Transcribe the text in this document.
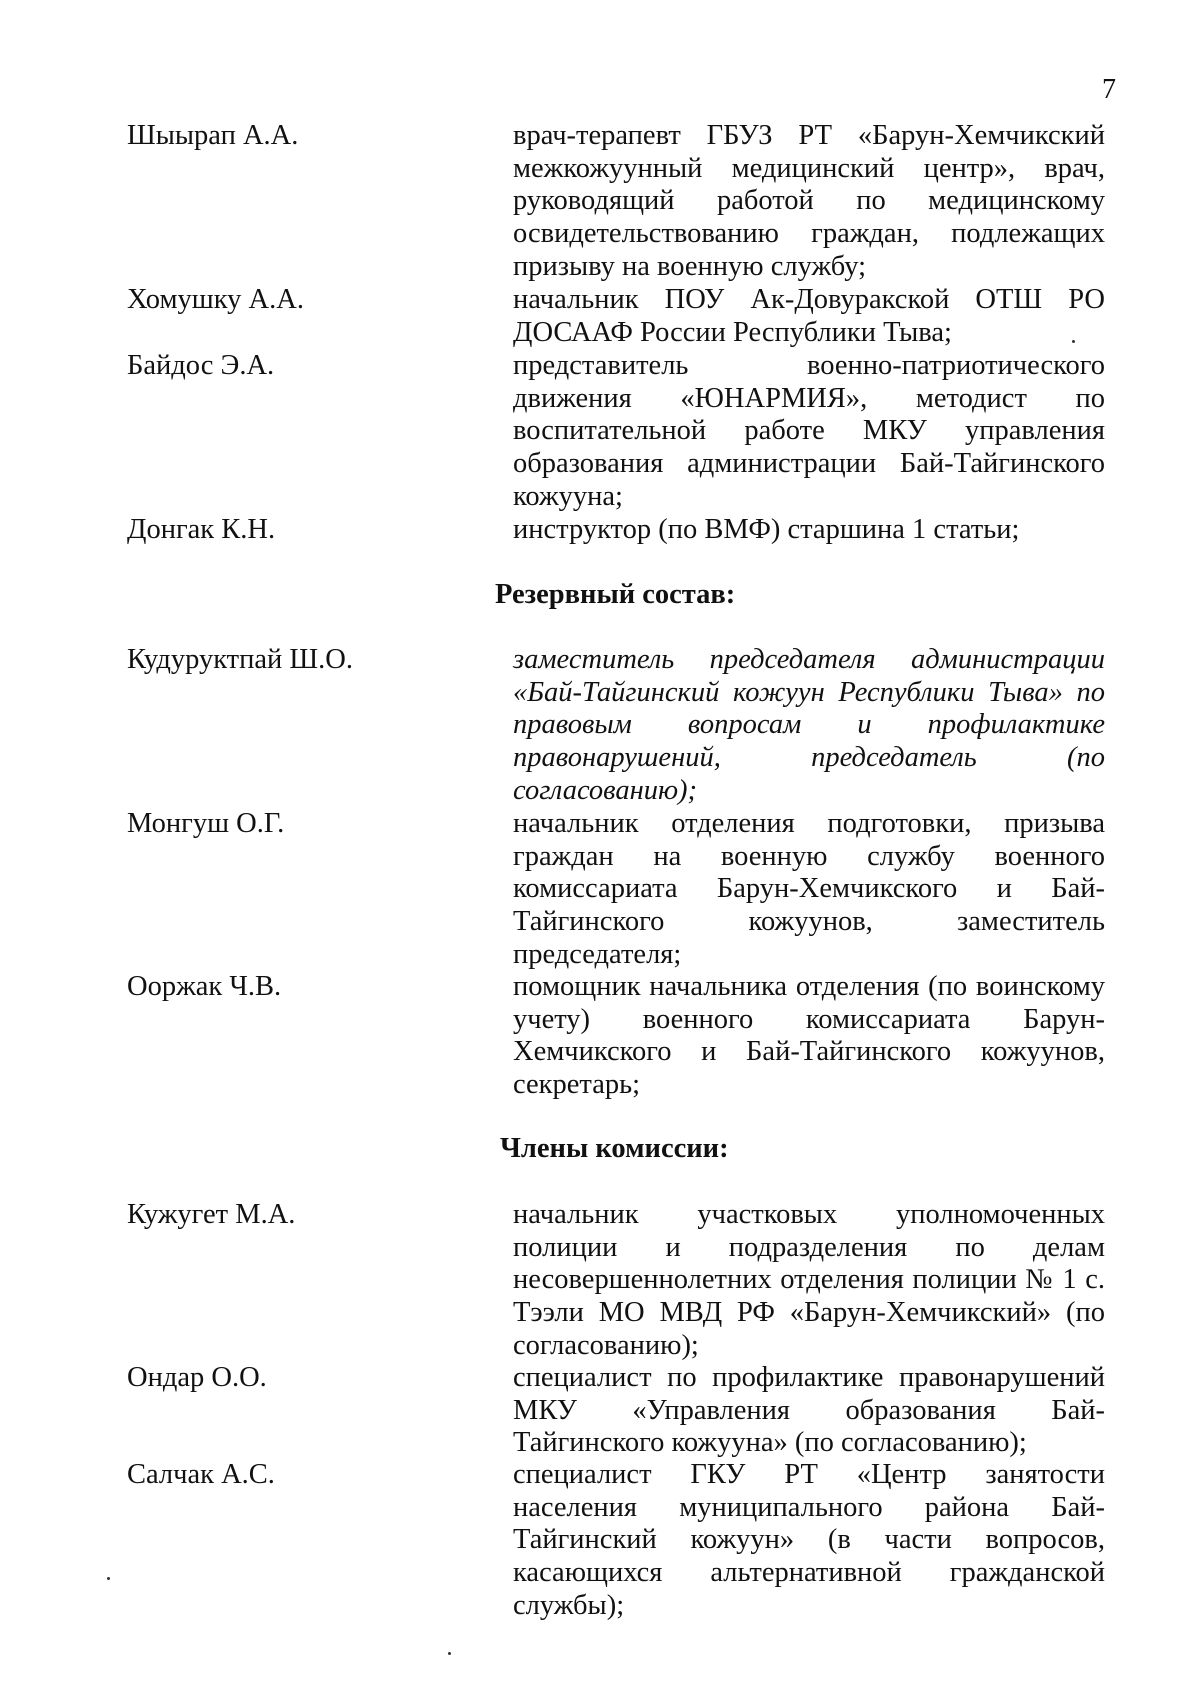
7
Шыырап А.А.	врач-терапевт ГБУЗ РТ «Барун-Хемчикский межкожуунный медицинский центр», врач, руководящий работой по медицинскому освидетельствованию граждан, подлежащих призыву на военную службу;
Хомушку А.А.	начальник ПОУ Ак-Довуракской ОТШ РО ДОСААФ России Республики Тыва;
Байдос Э.А.	представитель военно-патриотического движения «ЮНАРМИЯ», методист по воспитательной работе МКУ управления образования администрации Бай-Тайгинского кожууна;
Донгак К.Н.	инструктор (по ВМФ) старшина 1 статьи;
Резервный состав:
Кудуруктпай Ш.О.	заместитель председателя администрации «Бай-Тайгинский кожуун Республики Тыва» по правовым вопросам и профилактике правонарушений, председатель (по согласованию);
Монгуш О.Г.	начальник отделения подготовки, призыва граждан на военную службу военного комиссариата Барун-Хемчикского и Бай-Тайгинского кожуунов, заместитель председателя;
Ооржак Ч.В.	помощник начальника отделения (по воинскому учету) военного комиссариата Барун-Хемчикского и Бай-Тайгинского кожуунов, секретарь;
Члены комиссии:
Кужугет М.А.	начальник участковых уполномоченных полиции и подразделения по делам несовершеннолетних отделения полиции № 1 с. Тээли МО МВД РФ «Барун-Хемчикский» (по согласованию);
Ондар О.О.	специалист по профилактике правонарушений МКУ «Управления образования Бай-Тайгинского кожууна» (по согласованию);
Салчак А.С.	специалист ГКУ РТ «Центр занятости населения муниципального района Бай-Тайгинский кожуун» (в части вопросов, касающихся альтернативной гражданской службы);
